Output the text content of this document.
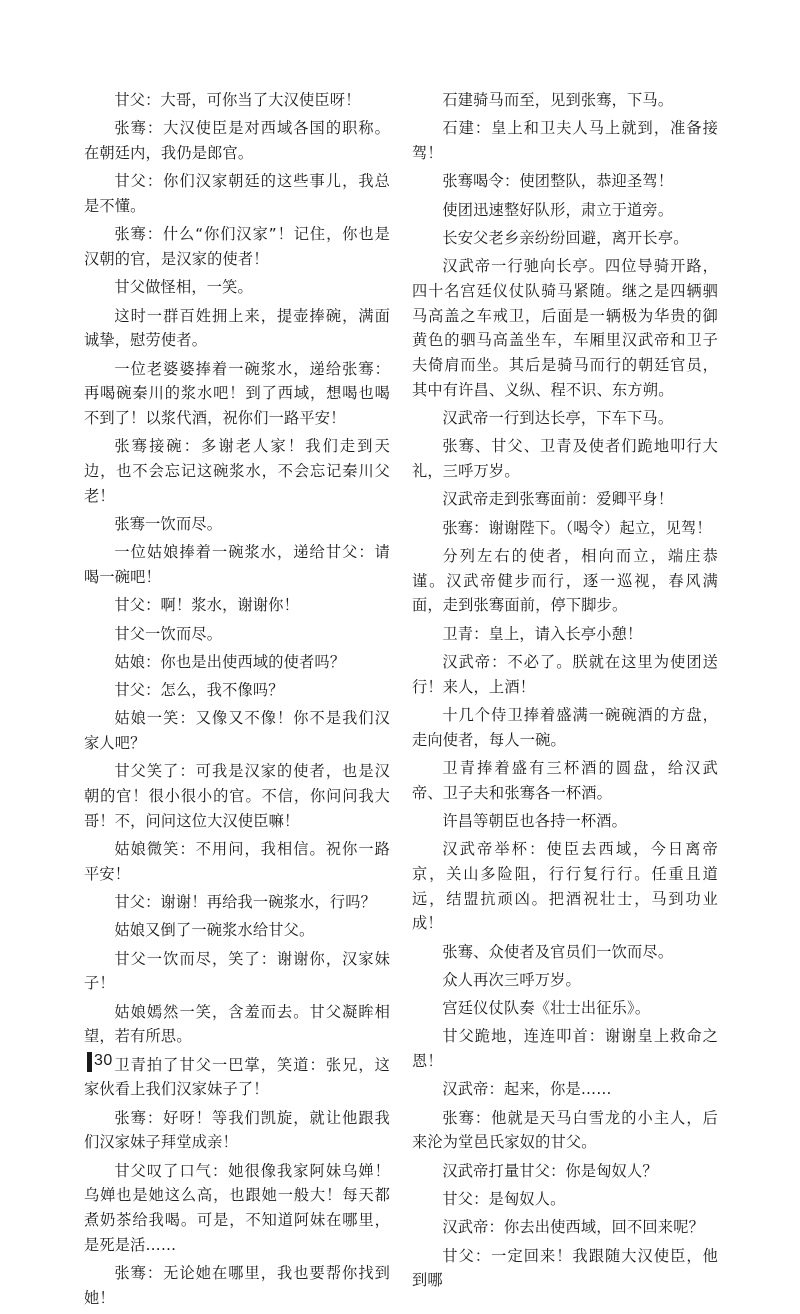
甘父：大哥，可你当了大汉使臣呀！

张骞：大汉使臣是对西域各国的职称。在朝廷内，我仍是郎官。

甘父：你们汉家朝廷的这些事儿，我总是不懂。

张骞：什么“你们汉家”！记住，你也是汉朝的官，是汉家的使者！

甘父做怪相，一笑。

这时一群百姓拥上来，提壶捧碗，满面诚挚，慰劳使者。

一位老婆婆捧着一碗浆水，递给张骞：再喝碗秦川的浆水吧！到了西域，想喝也喝不到了！以浆代酒，祝你们一路平安！

张骞接碗：多谢老人家！我们走到天边，也不会忘记这碗浆水，不会忘记秦川父老！

张骞一饮而尽。

一位姑娘捧着一碗浆水，递给甘父：请喝一碗吧！

甘父：啊！浆水，谢谢你！

甘父一饮而尽。

姑娘：你也是出使西域的使者吗？

甘父：怎么，我不像吗？

姑娘一笑：又像又不像！你不是我们汉家人吧？

甘父笑了：可我是汉家的使者，也是汉朝的官！很小很小的官。不信，你问问我大哥！不，问问这位大汉使臣嘛！

姑娘微笑：不用问，我相信。祝你一路平安！

甘父：谢谢！再给我一碗浆水，行吗？

姑娘又倒了一碗浆水给甘父。

甘父一饮而尽，笑了：谢谢你，汉家妹子！

姑娘嫣然一笑，含羞而去。甘父凝眸相望，若有所思。

卫青拍了甘父一巴掌，笑道：张兄，这家伙看上我们汉家妹子了！

张骞：好呀！等我们凯旋，就让他跟我们汉家妹子拜堂成亲！

甘父叹了口气：她很像我家阿妹乌婵！乌婵也是她这么高，也跟她一般大！每天都煮奶茶给我喝。可是，不知道阿妹在哪里，是死是活……

张骞：无论她在哪里，我也要帮你找到她！

石建骑马而至，见到张骞，下马。

石建：皇上和卫夫人马上就到，准备接驾！

张骞喝令：使团整队，恭迎圣驾！

使团迅速整好队形，肃立于道旁。

长安父老乡亲纷纷回避，离开长亭。

汉武帝一行驰向长亭。四位导骑开路，四十名宫廷仪仗队骑马紧随。继之是四辆驷马高盖之车戒卫，后面是一辆极为华贵的御黄色的驷马高盖坐车，车厢里汉武帝和卫子夫倚肩而坐。其后是骑马而行的朝廷官员，其中有许昌、义纵、程不识、东方朔。

汉武帝一行到达长亭，下车下马。

张骞、甘父、卫青及使者们跪地叩行大礼，三呼万岁。

汉武帝走到张骞面前：爱卿平身！

张骞：谢谢陛下。（喝令）起立，见驾！

分列左右的使者，相向而立，端庄恭谨。汉武帝健步而行，逐一巡视，春风满面，走到张骞面前，停下脚步。

卫青：皇上，请入长亭小憩！

汉武帝：不必了。朕就在这里为使团送行！来人，上酒！

十几个侍卫捧着盛满一碗碗酒的方盘，走向使者，每人一碗。

卫青捧着盛有三杯酒的圆盘，给汉武帝、卫子夫和张骞各一杯酒。

许昌等朝臣也各持一杯酒。

汉武帝举杯：使臣去西域，今日离帝京，关山多险阻，行行复行行。任重且道远，结盟抗顽凶。把酒祝壮士，马到功业成！

张骞、众使者及官员们一饮而尽。

众人再次三呼万岁。

宫廷仪仗队奏《壮士出征乐》。

甘父跪地，连连叩首：谢谢皇上救命之恩！

汉武帝：起来，你是……

张骞：他就是天马白雪龙的小主人，后来沦为堂邑氏家奴的甘父。

汉武帝打量甘父：你是匈奴人？

甘父：是匈奴人。

汉武帝：你去出使西域，回不回来呢？

甘父：一定回来！我跟随大汉使臣，他到哪

30
